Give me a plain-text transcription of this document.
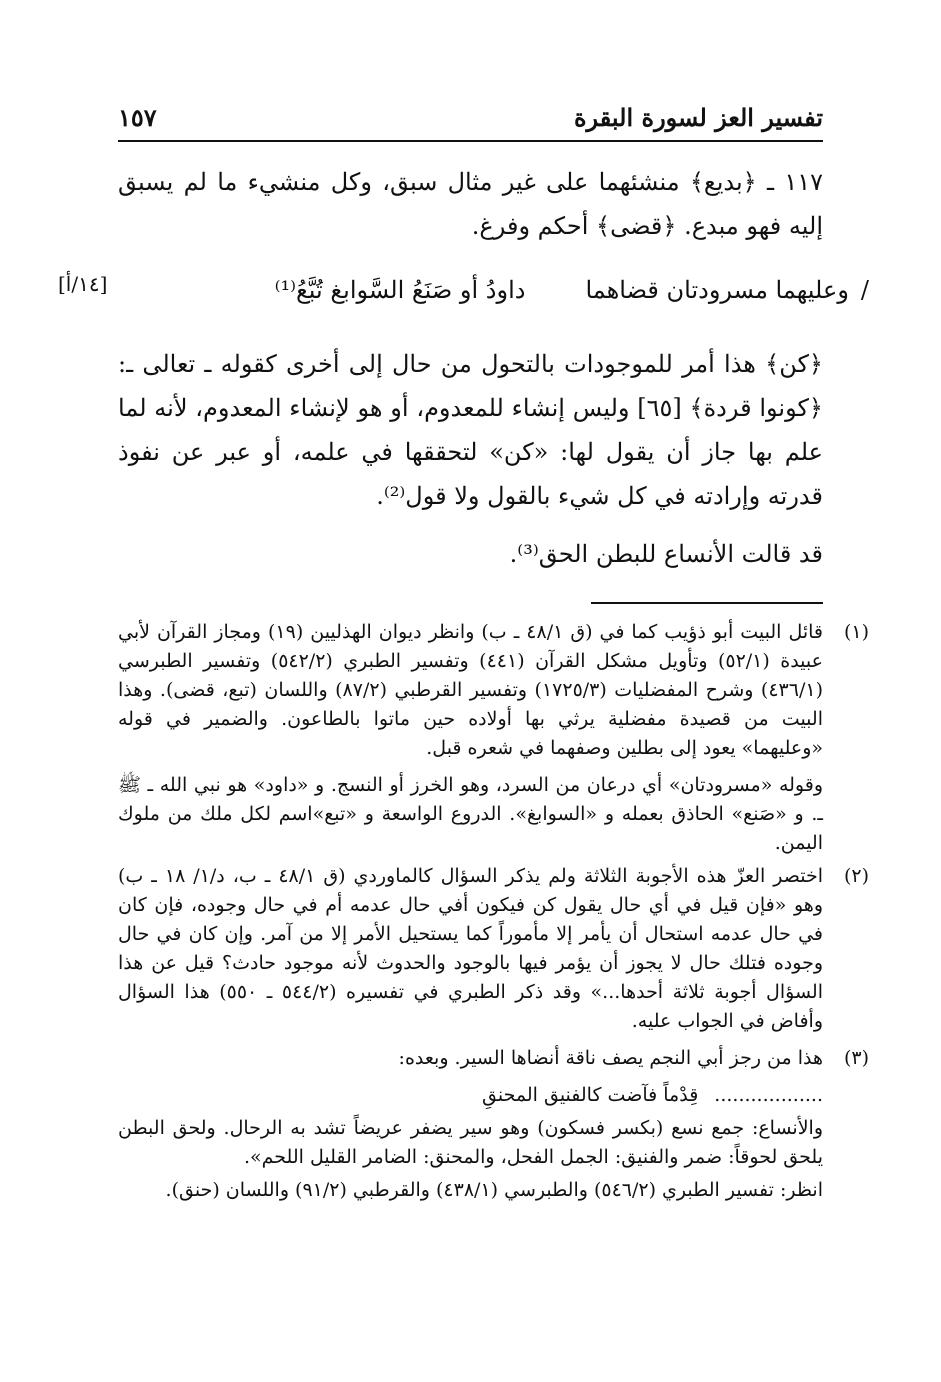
تفسير العز لسورة البقرة
١٥٧
١١٧ ـ ﴿بديع﴾ منشئهما على غير مثال سبق، وكل منشيء ما لم يسبق إليه فهو مبدع. ﴿قضى﴾ أحكم وفرغ.
/
وعليهما مسرودتان قضاهما
داودُ أو صَنَعُ السَّوابغ تُبَّعُ⁽¹⁾
[١٤/أ]
﴿كن﴾ هذا أمر للموجودات بالتحول من حال إلى أخرى كقوله ـ تعالى ـ: ﴿كونوا قردة﴾ [٦٥] وليس إنشاء للمعدوم، أو هو لإنشاء المعدوم، لأنه لما علم بها جاز أن يقول لها: «كن» لتحققها في علمه، أو عبر عن نفوذ قدرته وإرادته في كل شيء بالقول ولا قول⁽²⁾.
قد قالت الأنساع للبطن الحق⁽³⁾.
(١)

قائل البيت أبو ذؤيب كما في (ق ٤٨/١ ـ ب) وانظر ديوان الهذليين (١٩) ومجاز القرآن لأبي عبيدة (٥٢/١) وتأويل مشكل القرآن (٤٤١) وتفسير الطبري (٥٤٢/٢) وتفسير الطبرسي (٤٣٦/١) وشرح المفضليات (١٧٢٥/٣) وتفسير القرطبي (٨٧/٢) واللسان (تبع، قضى). وهذا البيت من قصيدة مفضلية يرثي بها أولاده حين ماتوا بالطاعون. والضمير في قوله «وعليهما» يعود إلى بطلين وصفهما في شعره قبل.

وقوله «مسرودتان» أي درعان من السرد، وهو الخرز أو النسج. و «داود» هو نبي الله ـ ﷺ ـ. و «صَنع» الحاذق بعمله و «السوابغ». الدروع الواسعة و «تبع»اسم لكل ملك من ملوك اليمن.

(٢)

اختصر العزّ هذه الأجوبة الثلاثة ولم يذكر السؤال كالماوردي (ق ٤٨/١ ـ ب، د/١/ ١٨ ـ ب) وهو «فإن قيل في أي حال يقول كن فيكون أفي حال عدمه أم في حال وجوده، فإن كان في حال عدمه استحال أن يأمر إلا مأموراً كما يستحيل الأمر إلا من آمر. وإن كان في حال وجوده فتلك حال لا يجوز أن يؤمر فيها بالوجود والحدوث لأنه موجود حادث؟ قيل عن هذا السؤال أجوبة ثلاثة أحدها...» وقد ذكر الطبري في تفسيره (٥٤٤/٢ ـ ٥٥٠) هذا السؤال وأفاض في الجواب عليه.

(٣)

هذا من رجز أبي النجم يصف ناقة أنضاها السير. وبعده:

..................
قِدْماً فآضت كالفنيق المحنقِ

والأنساع: جمع نسع (بكسر فسكون) وهو سير يضفر عريضاً تشد به الرحال. ولحق البطن يلحق لحوقاً: ضمر والفنيق: الجمل الفحل، والمحنق: الضامر القليل اللحم».

انظر: تفسير الطبري (٥٤٦/٢) والطبرسي (٤٣٨/١) والقرطبي (٩١/٢) واللسان (حنق).
